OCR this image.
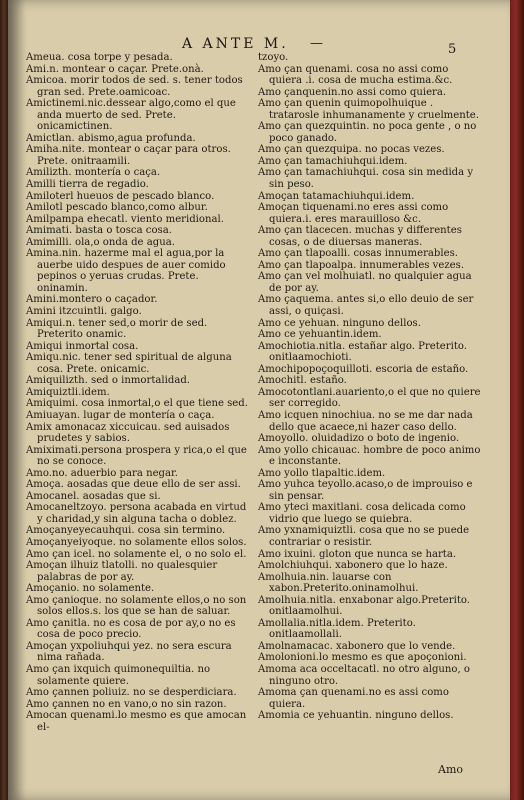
A ANTE M. —	5
Ameua. cosa torpe y pesada.
Ami.n. montear o caçar. Prete.onà.
Amicoa. morir todos de sed. s. tener todos gran sed. Prete.oamicoac.
Amictinemi.nic.dessear algo,como el que anda muerto de sed. Prete. onicamictinen.
Amictlan. abismo,agua profunda.
Amiha.nite. montear o caçar para otros. Prete. onitraamili.
Amilizth. montería o caça.
Amilli tierra de regadio.
Amiloterl hueuos de pescado blanco.
Amilotl pescado blanco,como albur.
Amilpampa ehecatl. viento meridional.
Amimati. basta o tosca cosa.
Amimilli. ola,o onda de agua.
Amina.nin. hazerme mal el agua,por la auerbe uido despues de auer comido pepinos o yeruas crudas. Prete. oninamin.
Amini.montero o caçador.
Amini itzcuintli. galgo.
Amiqui.n. tener sed,o morir de sed. Preterito onamic.
Amiqui inmortal cosa.
Amiqu.nic. tener sed spiritual de alguna cosa. Prete. onicamic.
Amiquilizth. sed o inmortalidad.
Amiquiztli.idem.
Amiquimi. cosa inmortal,o el que tiene sed.
Amiuayan. lugar de montería o caça.
Amix amonacaz xiccuicau. sed auisados prudetes y sabios.
Amiximati.persona prospera y rica,o el que no se conoce.
Amo.no. aduerbio para negar.
Amoça. aosadas que deue ello de ser assi.
Amocanel. aosadas que si.
Amocaneltzoyo. persona acabada en virtud y charidad,y sin alguna tacha o doblez.
Amoçanyeyecauhqui. cosa sin termino.
Amoçanyeiyoque. no solamente ellos solos.
Amo çan icel. no solamente el, o no solo el.
Amoçan ilhuiz tlatolli. no qualesquier palabras de por ay.
Amoçanio. no solamente.
Amo çanioque. no solamente ellos,o no son solos ellos.s. los que se han de saluar.
Amo çanitla. no es cosa de por ay,o no es cosa de poco precio.
Amoçan yxpoliuhqui yez. no sera escura nima rañada.
Amo çan ixquich quimonequiltia. no solamente quiere.
Amo çannen poliuiz. no se desperdiciara.
Amo çannen no en vano,o no sin razon.
Amocan quenami.lo mesmo es que amocan el-
tzoyo.
Amo çan quenami. cosa no assi como quiera .i. cosa de mucha estima.&c.
Amo çanquenin.no assi como quiera.
Amo çan quenin quimopolhuique . tratarosle inhumanamente y cruelmente.
Amo çan quezquintin. no poca gente , o no poco ganado.
Amo çan quezquipa. no pocas vezes.
Amo çan tamachiuhqui.idem.
Amo çan tamachiuhqui. cosa sin medida y sin peso.
Amoçan tatamachiuhqui.idem.
Amoçan tiquenami.no eres assi como quiera.i. eres marauilloso &c.
Amo çan tlacecen. muchas y differentes cosas, o de diuersas maneras.
Amo çan tlapoalli. cosas innumerables.
Amo çan tlapoalpa. innumerables vezes.
Amo çan vel molhuiatl. no qualquier agua de por ay.
Amo çaquema. antes si,o ello deuio de ser assi, o quiçasi.
Amo ce yehuan. ninguno dellos.
Amo ce yehuantin.idem.
Amochiotia.nitla. estañar algo. Preterito. onitlaamochioti.
Amochipopoçoquilloti. escoria de estaño.
Amochitl. estaño.
Amocotontlani.auariento,o el que no quiere ser corregido.
Amo icquen ninochiua. no se me dar nada dello que acaece,ni hazer caso dello.
Amoyollo. oluidadizo o boto de ingenio.
Amo yollo chicauac. hombre de poco animo e inconstante.
Amo yollo tlapaltic.idem.
Amo yuhca teyollo.acaso,o de improuiso e sin pensar.
Amo yteci maxitlani. cosa delicada como vidrio que luego se quiebra.
Amo yxnamiquiztli. cosa que no se puede contrariar o resistir.
Amo ixuini. gloton que nunca se harta.
Amolchiuhqui. xabonero que lo haze.
Amolhuia.nin. lauarse con xabon.Preterito.oninamolhui.
Amolhuia.nitla. enxabonar algo.Preterito. onitlaamolhui.
Amollalia.nitla.idem. Preterito. onitlaamollali.
Amolnamacac. xabonero que lo vende.
Amolonioni.lo mesmo es que apoçonioni.
Amoma aca occeltacatl. no otro alguno, o ninguno otro.
Amoma çan quenami.no es assi como quiera.
Amomia ce yehuantin. ninguno dellos.
Amo
